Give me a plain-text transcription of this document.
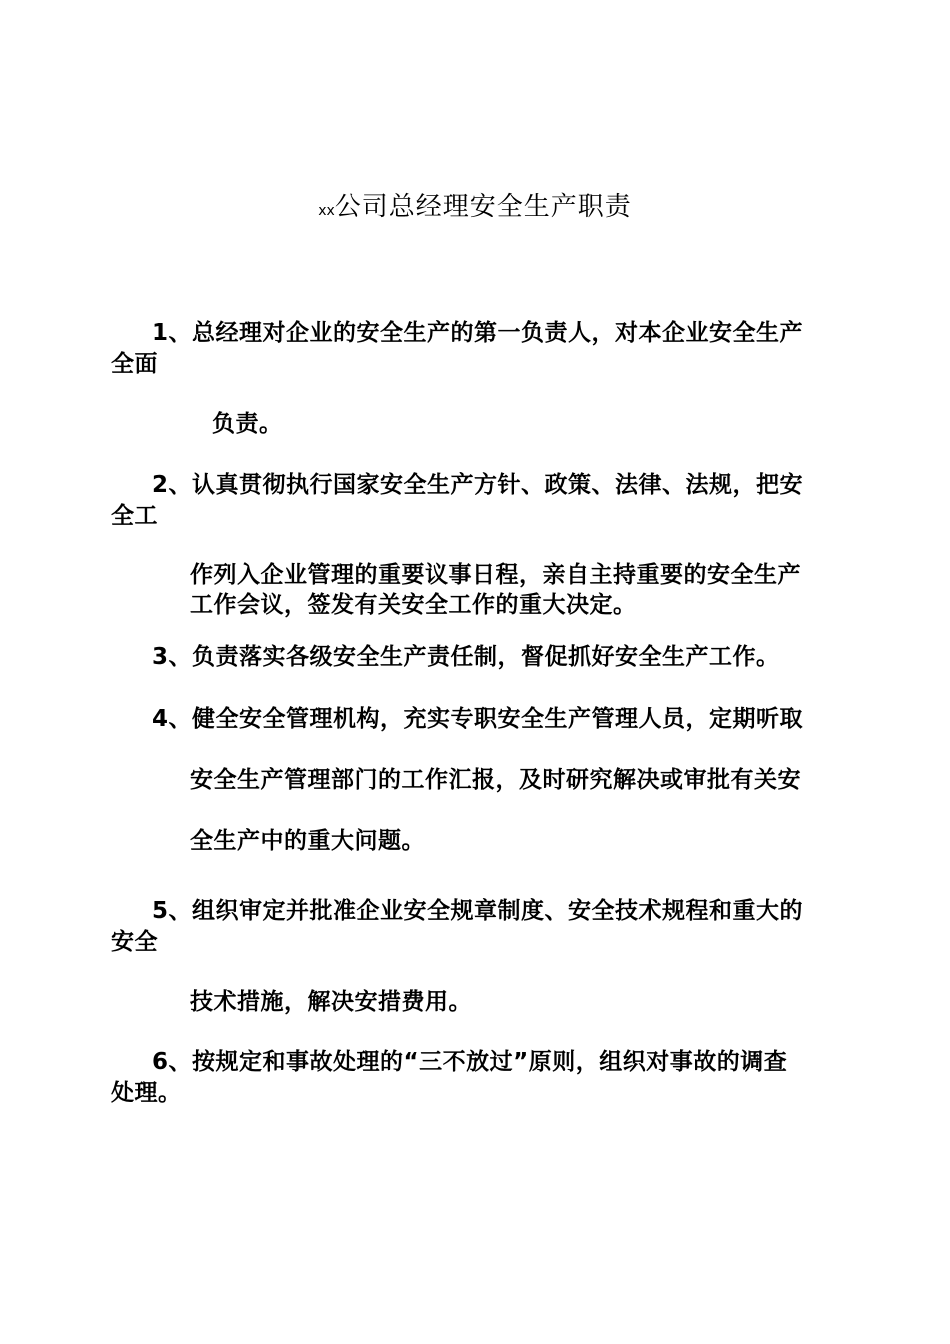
xx公司总经理安全生产职责
1、总经理对企业的安全生产的第一负责人，对本企业安全生产
全面
负责。
2、认真贯彻执行国家安全生产方针、政策、法律、法规，把安
全工
作列入企业管理的重要议事日程，亲自主持重要的安全生产
工作会议，签发有关安全工作的重大决定。
3、负责落实各级安全生产责任制，督促抓好安全生产工作。
4、健全安全管理机构，充实专职安全生产管理人员，定期听取
安全生产管理部门的工作汇报，及时研究解决或审批有关安
全生产中的重大问题。
5、组织审定并批准企业安全规章制度、安全技术规程和重大的
安全
技术措施，解决安措费用。
6、按规定和事故处理的“三不放过”原则，组织对事故的调查
处理。
